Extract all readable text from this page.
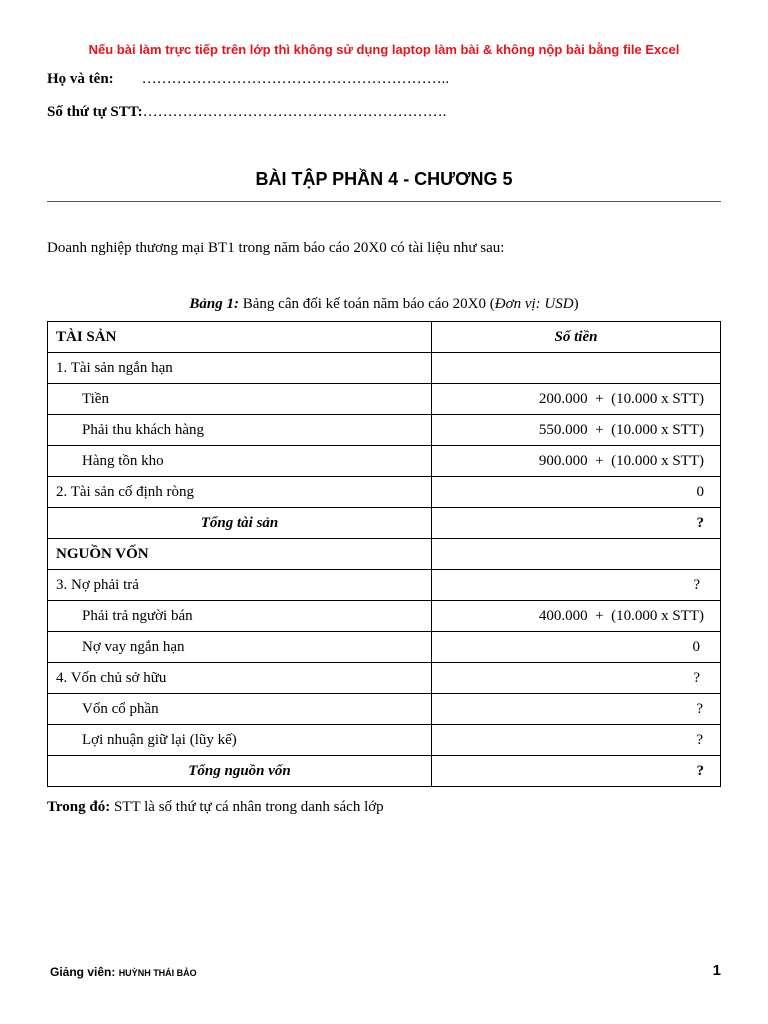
Nếu bài làm trực tiếp trên lớp thì không sử dụng laptop làm bài & không nộp bài bằng file Excel
Họ và tên: ……………………………………………………..
Số thứ tự STT:…………………………………………………….
BÀI TẬP PHẦN 4 - CHƯƠNG 5
Doanh nghiệp thương mại BT1 trong năm báo cáo 20X0 có tài liệu như sau:
Bảng 1: Bảng cân đối kế toán năm báo cáo 20X0 (Đơn vị: USD)
TÀI SẢN	Số tiền
1. Tài sản ngắn hạn	
Tiền	200.000  +  (10.000 x STT)
Phải thu khách hàng	550.000  +  (10.000 x STT)
Hàng tồn kho	900.000  +  (10.000 x STT)
2. Tài sản cố định ròng	0
Tổng tài sản	?
NGUỒN VỐN	
3. Nợ phải trả	?
Phải trả người bán	400.000  +  (10.000 x STT)
Nợ vay ngắn hạn	0
4. Vốn chủ sở hữu	?
Vốn cổ phần	?
Lợi nhuận giữ lại (lũy kế)	?
Tổng nguồn vốn	?
Trong đó: STT là số thứ tự cá nhân trong danh sách lớp
Giảng viên: HUỲNH THÁI BẢO	1
